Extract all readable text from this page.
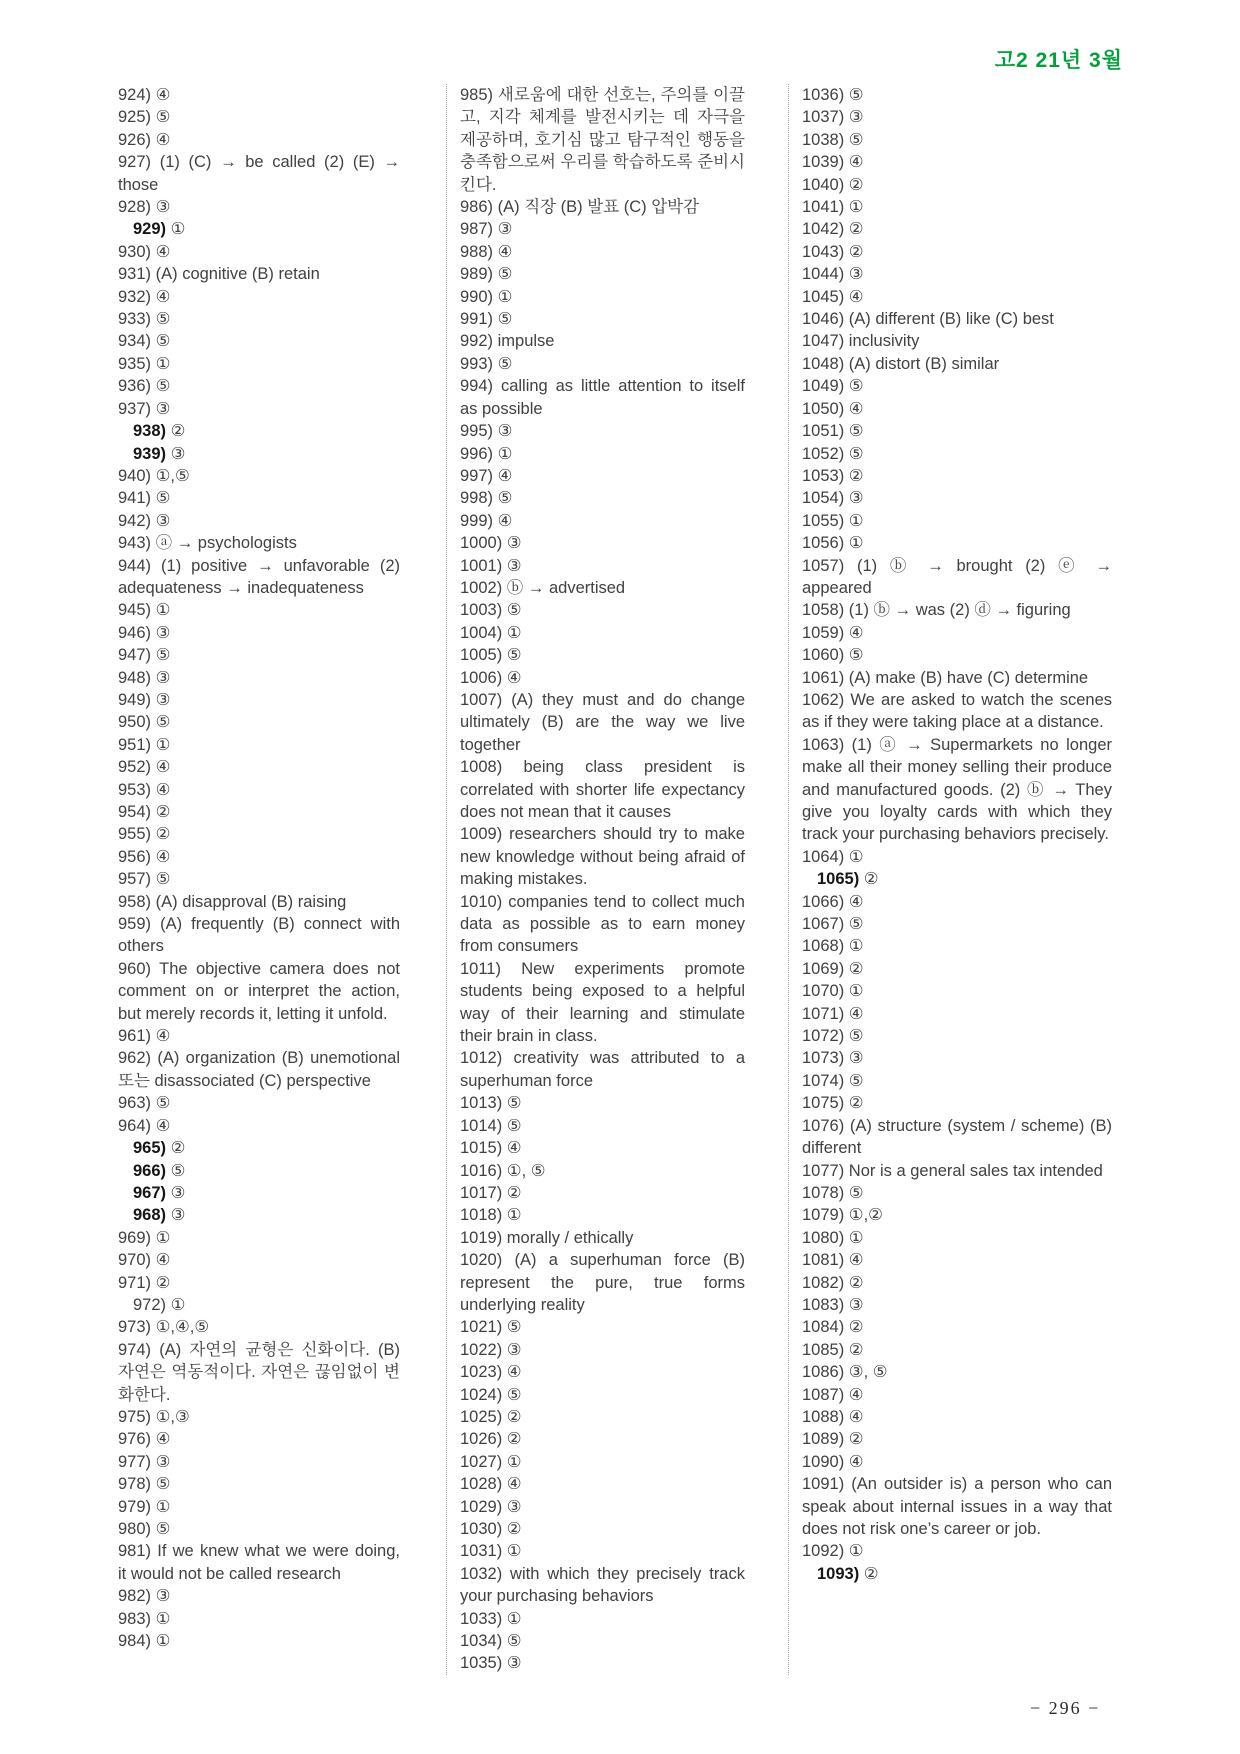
고2 21년 3월

924) ④

925) ⑤

926) ④

927) (1) (C) → be called (2) (E) → those

928) ③

929) ①

930) ④

931) (A) cognitive (B) retain

932) ④

933) ⑤

934) ⑤

935) ①

936) ⑤

937) ③

938) ②

939) ③

940) ①,⑤

941) ⑤

942) ③

943) ⓐ → psychologists

944) (1) positive → unfavorable (2) adequateness → inadequateness

945) ①

946) ③

947) ⑤

948) ③

949) ③

950) ⑤

951) ①

952) ④

953) ④

954) ②

955) ②

956) ④

957) ⑤

958) (A) disapproval (B) raising

959) (A) frequently (B) connect with others

960) The objective camera does not comment on or interpret the action, but merely records it, letting it unfold.

961) ④

962) (A) organization (B) unemotional 또는 disassociated (C) perspective

963) ⑤

964) ④

965) ②

966) ⑤

967) ③

968) ③

969) ①

970) ④

971) ②

972) ①

973) ①,④,⑤

974) (A) 자연의 균형은 신화이다. (B) 자연은 역동적이다. 자연은 끊임없이 변화한다.

975) ①,③

976) ④

977) ③

978) ⑤

979) ①

980) ⑤

981) If we knew what we were doing, it would not be called research

982) ③

983) ①

984) ①

985) 새로움에 대한 선호는, 주의를 이끌고, 지각 체계를 발전시키는 데 자극을 제공하며, 호기심 많고 탐구적인 행동을 충족함으로써 우리를 학습하도록 준비시킨다.

986) (A) 직장 (B) 발표 (C) 압박감

987) ③

988) ④

989) ⑤

990) ①

991) ⑤

992) impulse

993) ⑤

994) calling as little attention to itself as possible

995) ③

996) ①

997) ④

998) ⑤

999) ④

1000) ③

1001) ③

1002) ⓑ → advertised

1003) ⑤

1004) ①

1005) ⑤

1006) ④

1007) (A) they must and do change ultimately (B) are the way we live together

1008) being class president is correlated with shorter life expectancy does not mean that it causes

1009) researchers should try to make new knowledge without being afraid of making mistakes.

1010) companies tend to collect much data as possible as to earn money from consumers

1011) New experiments promote students being exposed to a helpful way of their learning and stimulate their brain in class.

1012) creativity was attributed to a superhuman force

1013) ⑤

1014) ⑤

1015) ④

1016) ①, ⑤

1017) ②

1018) ①

1019) morally / ethically

1020) (A) a superhuman force (B) represent the pure, true forms underlying reality

1021) ⑤

1022) ③

1023) ④

1024) ⑤

1025) ②

1026) ②

1027) ①

1028) ④

1029) ③

1030) ②

1031) ①

1032) with which they precisely track your purchasing behaviors

1033) ①

1034) ⑤

1035) ③

1036) ⑤

1037) ③

1038) ⑤

1039) ④

1040) ②

1041) ①

1042) ②

1043) ②

1044) ③

1045) ④

1046) (A) different (B) like (C) best

1047) inclusivity

1048) (A) distort (B) similar

1049) ⑤

1050) ④

1051) ⑤

1052) ⑤

1053) ②

1054) ③

1055) ①

1056) ①

1057) (1) ⓑ → brought (2) ⓔ → appeared

1058) (1) ⓑ → was (2) ⓓ → figuring

1059) ④

1060) ⑤

1061) (A) make (B) have (C) determine

1062) We are asked to watch the scenes as if they were taking place at a distance.

1063) (1) ⓐ → Supermarkets no longer make all their money selling their produce and manufactured goods. (2) ⓑ → They give you loyalty cards with which they track your purchasing behaviors precisely.

1064) ①

1065) ②

1066) ④

1067) ⑤

1068) ①

1069) ②

1070) ①

1071) ④

1072) ⑤

1073) ③

1074) ⑤

1075) ②

1076) (A) structure (system / scheme) (B) different

1077) Nor is a general sales tax intended

1078) ⑤

1079) ①,②

1080) ①

1081) ④

1082) ②

1083) ③

1084) ②

1085) ②

1086) ③, ⑤

1087) ④

1088) ④

1089) ②

1090) ④

1091) (An outsider is) a person who can speak about internal issues in a way that does not risk one’s career or job.

1092) ①

1093) ②

− 296 −
